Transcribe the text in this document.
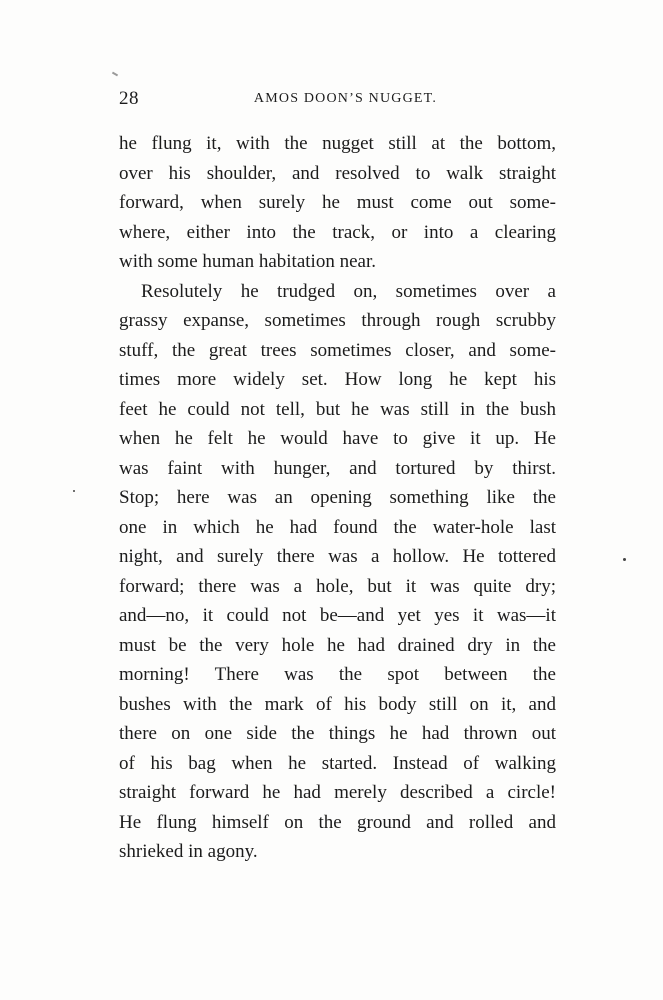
28	AMOS DOON’S NUGGET.
he flung it, with the nugget still at the bottom,
over his shoulder, and resolved to walk straight
forward, when surely he must come out some-
where, either into the track, or into a clearing
with some human habitation near.
Resolutely he trudged on, sometimes over a
grassy expanse, sometimes through rough scrubby
stuff, the great trees sometimes closer, and some-
times more widely set. How long he kept his
feet he could not tell, but he was still in the bush
when he felt he would have to give it up. He
was faint with hunger, and tortured by thirst.
Stop; here was an opening something like the
one in which he had found the water-hole last
night, and surely there was a hollow. He tottered
forward; there was a hole, but it was quite dry;
and—no, it could not be—and yet yes it was—it
must be the very hole he had drained dry in the
morning! There was the spot between the
bushes with the mark of his body still on it, and
there on one side the things he had thrown out
of his bag when he started. Instead of walking
straight forward he had merely described a circle!
He flung himself on the ground and rolled and
shrieked in agony.
